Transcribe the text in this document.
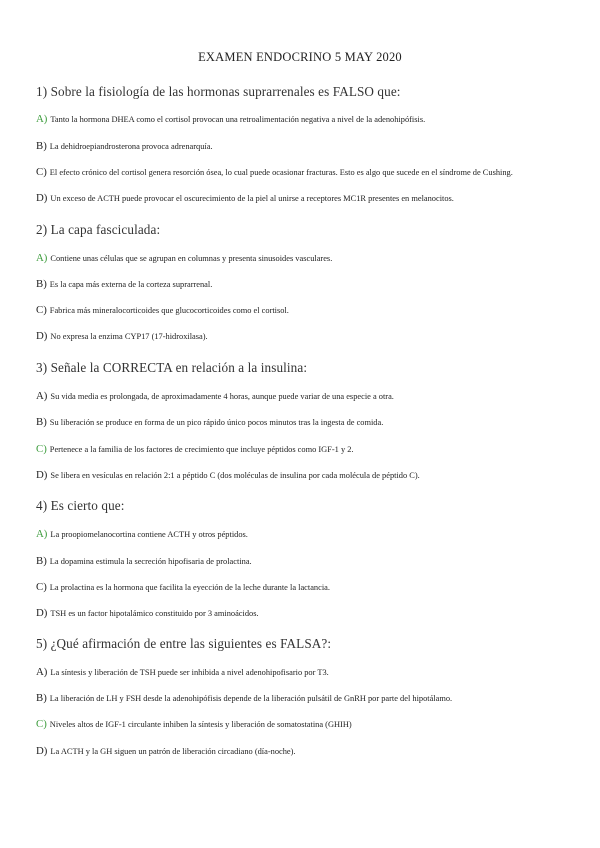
EXAMEN ENDOCRINO 5 MAY 2020
1) Sobre la fisiología de las hormonas suprarrenales es FALSO que:
A) Tanto la hormona DHEA como el cortisol provocan una retroalimentación negativa a nivel de la adenohipófisis.
B) La dehidroepiandrosterona provoca adrenarquía.
C) El efecto crónico del cortisol genera resorción ósea, lo cual puede ocasionar fracturas. Esto es algo que sucede en el síndrome de Cushing.
D) Un exceso de ACTH puede provocar el oscurecimiento de la piel al unirse a receptores MC1R presentes en melanocitos.
2) La capa fasciculada:
A) Contiene unas células que se agrupan en columnas y presenta sinusoides vasculares.
B) Es la capa más externa de la corteza suprarrenal.
C) Fabrica más mineralocorticoides que glucocorticoides como el cortisol.
D) No expresa la enzima CYP17 (17-hidroxilasa).
3) Señale la CORRECTA en relación a la insulina:
A) Su vida media es prolongada, de aproximadamente 4 horas, aunque puede variar de una especie a otra.
B) Su liberación se produce en forma de un pico rápido único pocos minutos tras la ingesta de comida.
C) Pertenece a la familia de los factores de crecimiento que incluye péptidos como IGF-1 y 2.
D) Se libera en vesículas en relación 2:1 a péptido C (dos moléculas de insulina por cada molécula de péptido C).
4) Es cierto que:
A) La proopiomelanocortina contiene ACTH y otros péptidos.
B) La dopamina estimula la secreción hipofisaria de prolactina.
C) La prolactina es la hormona que facilita la eyección de la leche durante la lactancia.
D) TSH es un factor hipotalámico constituido por 3 aminoácidos.
5) ¿Qué afirmación de entre las siguientes es FALSA?:
A) La síntesis y liberación de TSH puede ser inhibida a nivel adenohipofisario por T3.
B) La liberación de LH y FSH desde la adenohipófisis depende de la liberación pulsátil de GnRH por parte del hipotálamo.
C) Niveles altos de IGF-1 circulante inhiben la síntesis y liberación de somatostatina (GHIH)
D) La ACTH y la GH siguen un patrón de liberación circadiano (día-noche).
